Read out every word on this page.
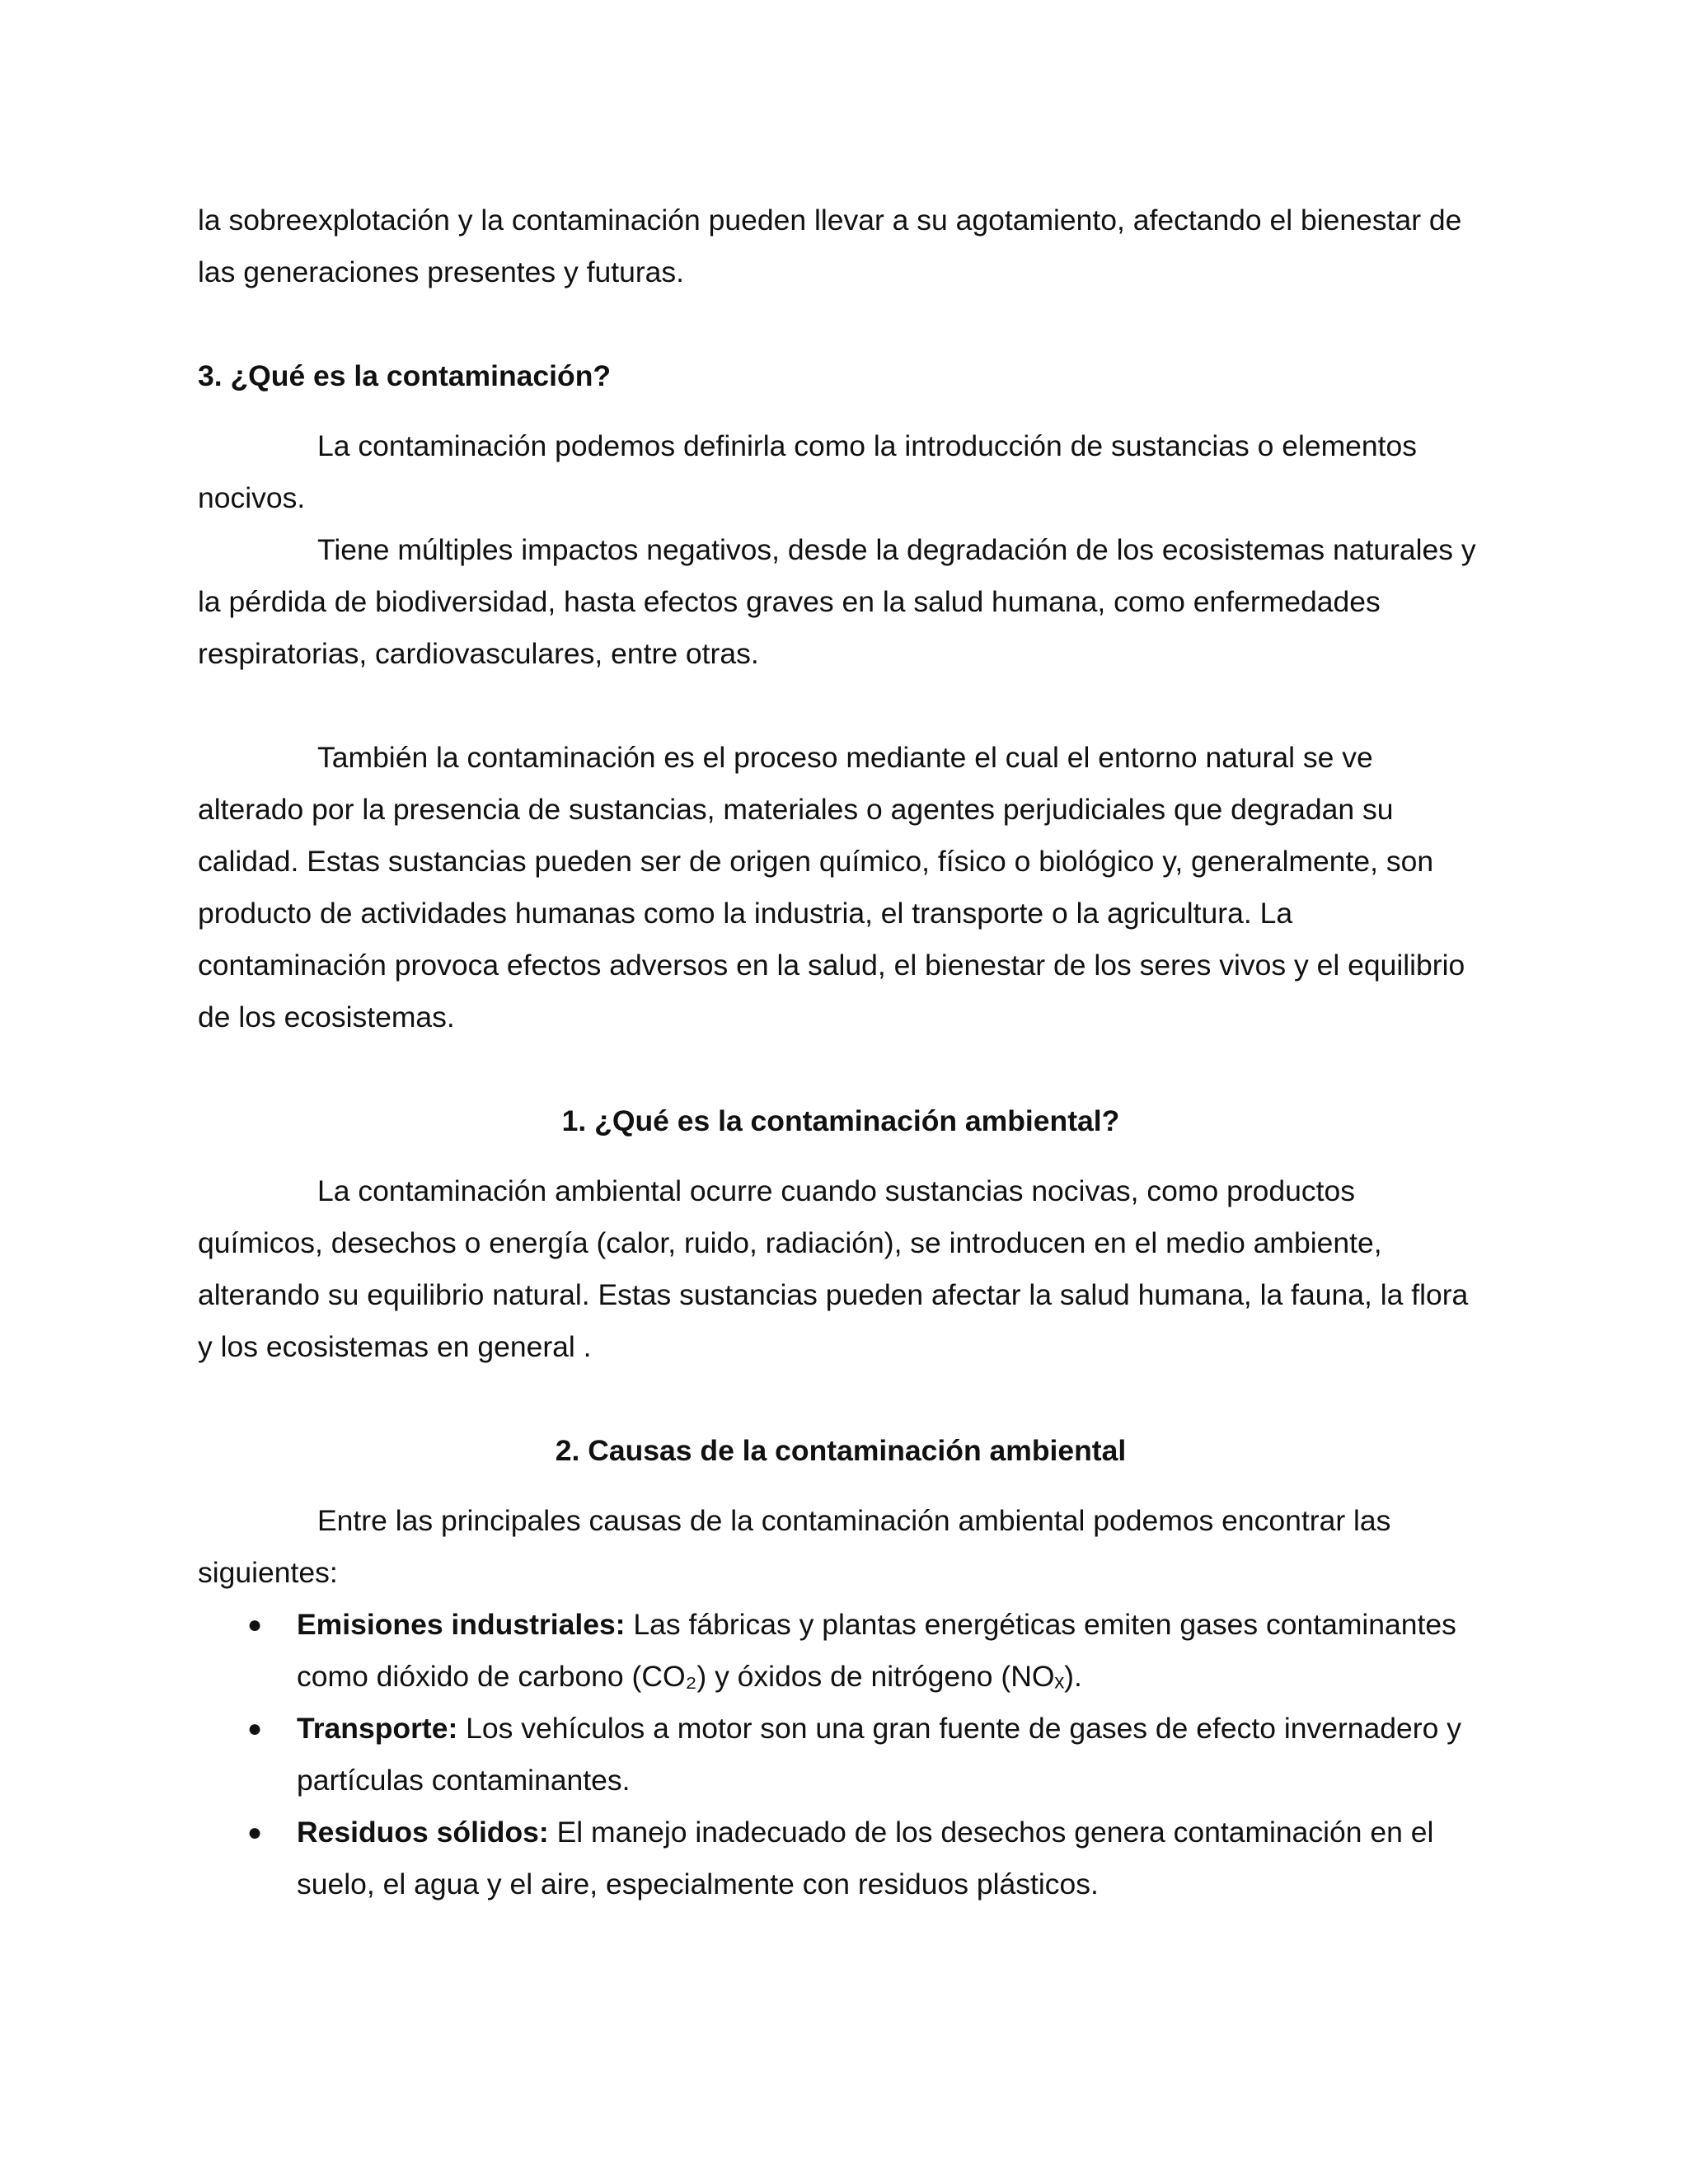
la sobreexplotación y la contaminación pueden llevar a su agotamiento, afectando el bienestar de las generaciones presentes y futuras.

3. ¿Qué es la contaminación?

La contaminación podemos definirla como la introducción de sustancias o elementos nocivos.

Tiene múltiples impactos negativos, desde la degradación de los ecosistemas naturales y la pérdida de biodiversidad, hasta efectos graves en la salud humana, como enfermedades respiratorias, cardiovasculares, entre otras.

También la contaminación es el proceso mediante el cual el entorno natural se ve alterado por la presencia de sustancias, materiales o agentes perjudiciales que degradan su calidad. Estas sustancias pueden ser de origen químico, físico o biológico y, generalmente, son producto de actividades humanas como la industria, el transporte o la agricultura. La contaminación provoca efectos adversos en la salud, el bienestar de los seres vivos y el equilibrio de los ecosistemas.

1. ¿Qué es la contaminación ambiental?

La contaminación ambiental ocurre cuando sustancias nocivas, como productos químicos, desechos o energía (calor, ruido, radiación), se introducen en el medio ambiente, alterando su equilibrio natural. Estas sustancias pueden afectar la salud humana, la fauna, la flora y los ecosistemas en general .

2. Causas de la contaminación ambiental

Entre las principales causas de la contaminación ambiental podemos encontrar las siguientes:

● Emisiones industriales: Las fábricas y plantas energéticas emiten gases contaminantes como dióxido de carbono (CO₂) y óxidos de nitrógeno (NOₓ).
● Transporte: Los vehículos a motor son una gran fuente de gases de efecto invernadero y partículas contaminantes.
● Residuos sólidos: El manejo inadecuado de los desechos genera contaminación en el suelo, el agua y el aire, especialmente con residuos plásticos.
